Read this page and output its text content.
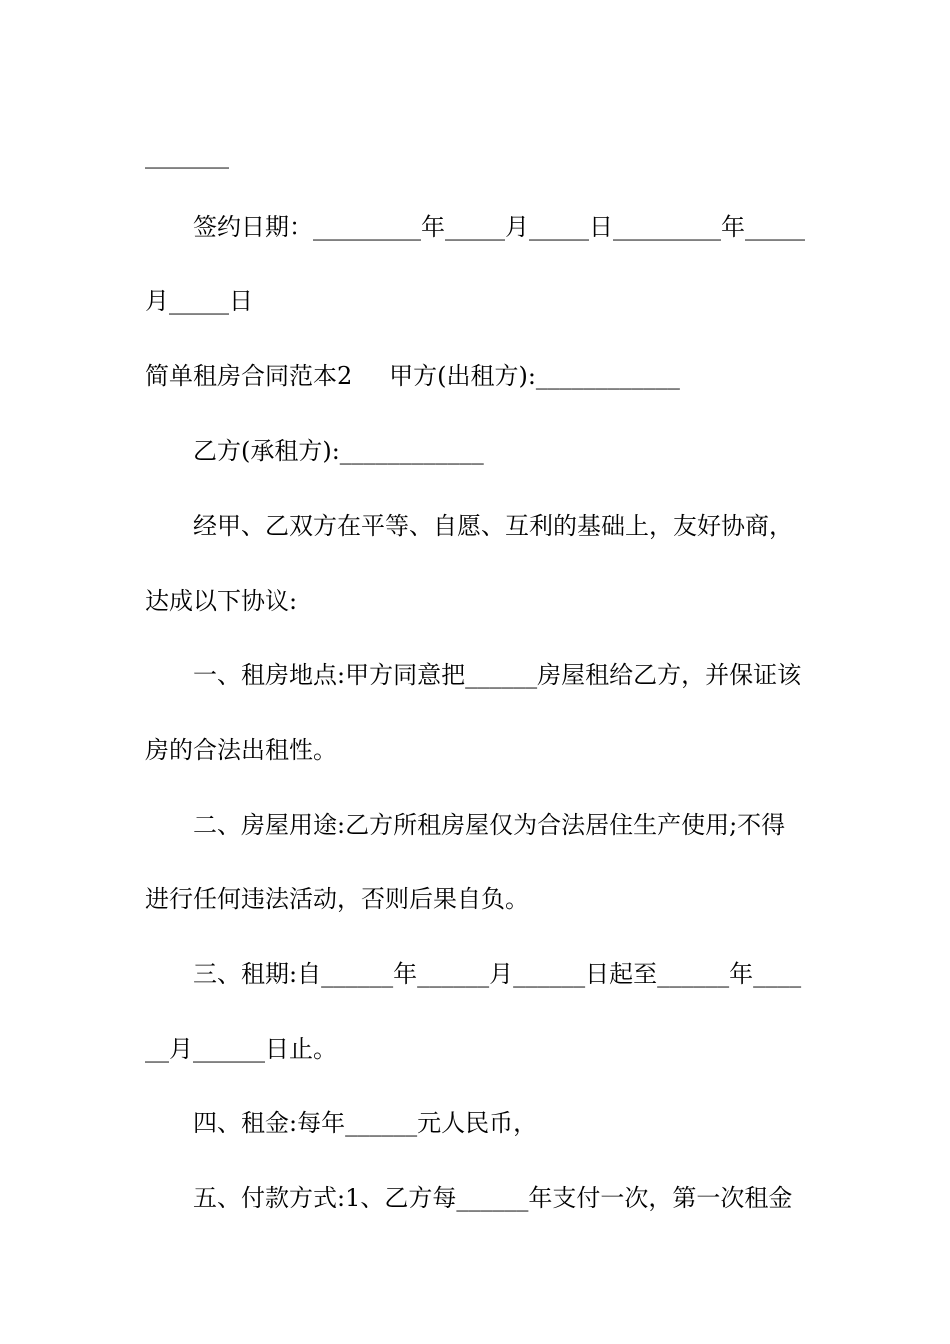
_______
签约日期：_________年_____月_____日_________年_____
月_____日
简单租房合同范本2	甲方(出租方):____________
乙方(承租方):____________
经甲、乙双方在平等、自愿、互利的基础上，友好协商，
达成以下协议:
一、租房地点:甲方同意把______房屋租给乙方，并保证该
房的合法出租性。
二、房屋用途:乙方所租房屋仅为合法居住生产使用;不得
进行任何违法活动，否则后果自负。
三、租期:自______年______月______日起至______年____
__月______日止。
四、租金:每年______元人民币，
五、付款方式:1、乙方每______年支付一次，第一次租金
